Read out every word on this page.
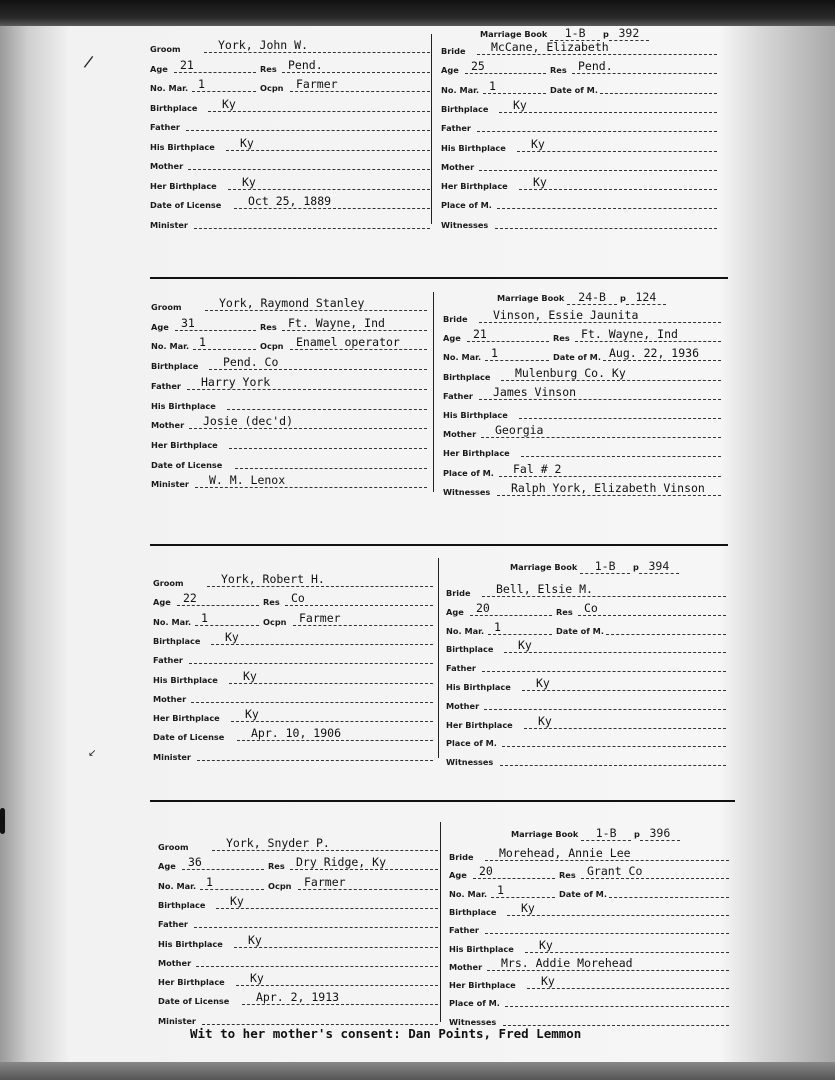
/
↙
Groom	York, John W.
Age 21	Res Pend.
No. Mar. 1	Ocpn Farmer
Birthplace Ky
Father
His Birthplace Ky
Mother
Her Birthplace Ky
Date of License Oct 25, 1889
Minister
Bride McCane, Elizabeth
Age 25	Res Pend.
No. Mar. 1	Date of M.
Birthplace Ky
Father
His Birthplace Ky
Mother
Her Birthplace Ky
Place of M.
Witnesses
Marriage Book 1-B p 392
Groom	York, Raymond Stanley
Age 31	Res Ft. Wayne, Ind
No. Mar. 1	Ocpn Enamel operator
Birthplace Pend. Co
Father Harry York
His Birthplace
Mother Josie (dec'd)
Her Birthplace
Date of License
Minister W. M. Lenox
Bride Vinson, Essie Jaunita
Age 21	Res Ft. Wayne, Ind
No. Mar. 1	Date of M. Aug. 22, 1936
Birthplace Mulenburg Co. Ky
Father James Vinson
His Birthplace
Mother Georgia
Her Birthplace
Place of M. Fal # 2
Witnesses Ralph York, Elizabeth Vinson
Marriage Book 24-B p 124
Groom	York, Robert H.
Age 22	Res Co
No. Mar. 1	Ocpn Farmer
Birthplace Ky
Father
His Birthplace Ky
Mother
Her Birthplace Ky
Date of License Apr. 10, 1906
Minister
Bride Bell, Elsie M.
Age 20	Res Co
No. Mar. 1	Date of M.
Birthplace Ky
Father
His Birthplace Ky
Mother
Her Birthplace Ky
Place of M.
Witnesses
Marriage Book 1-B p 394
Groom	York, Snyder P.
Age 36	Res Dry Ridge, Ky
No. Mar. 1	Ocpn Farmer
Birthplace Ky
Father
His Birthplace Ky
Mother
Her Birthplace Ky
Date of License Apr. 2, 1913
Minister
Bride Morehead, Annie Lee
Age 20	Res Grant Co
No. Mar. 1	Date of M.
Birthplace Ky
Father
His Birthplace Ky
Mother Mrs. Addie Morehead
Her Birthplace Ky
Place of M.
Witnesses
Marriage Book 1-B p 396
Wit to her mother's consent: Dan Points, Fred Lemmon
